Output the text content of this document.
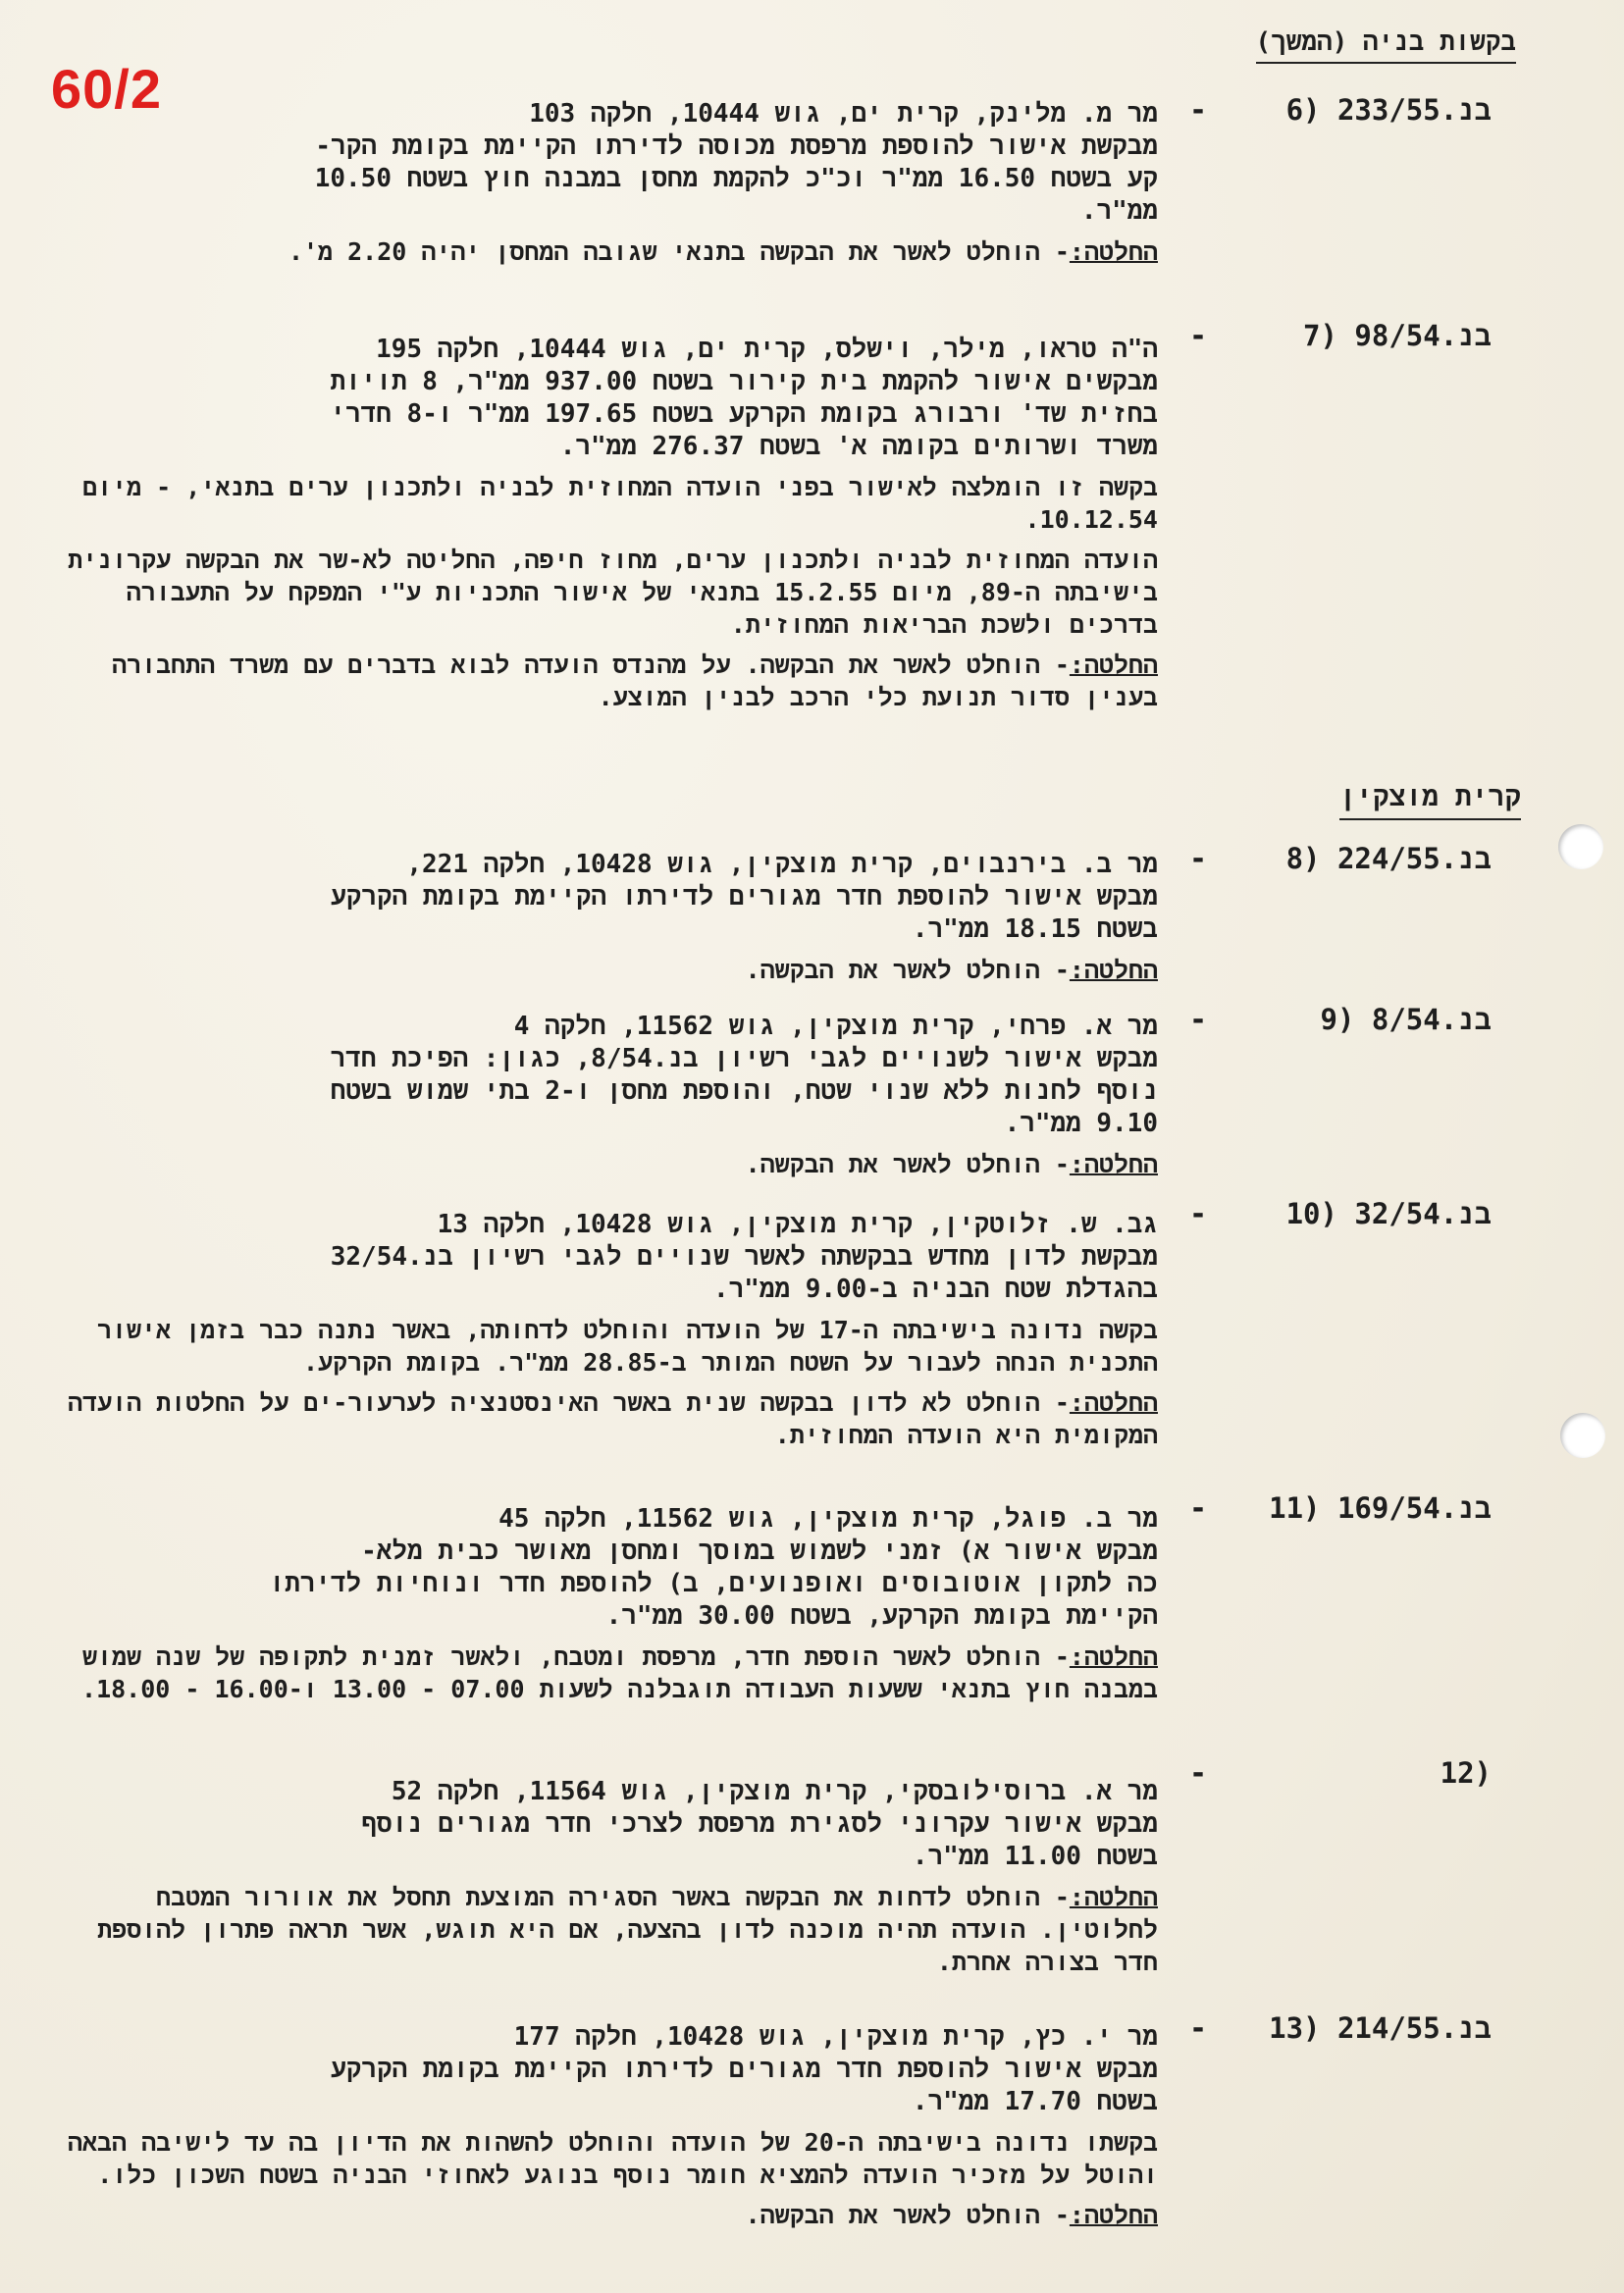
60/2
בקשות בניה (המשך)
6) בנ.233/55
-
מר מ. מלינק, קרית ים, גוש 10444, חלקה 103
מבקשת אישור להוספת מרפסת מכוסה לדירתו הקיימת בקומת הקר-
קע בשטח 16.50 ממ"ר וכ"כ להקמת מחסן במבנה חוץ בשטח 10.50
ממ"ר.
החלטה:- הוחלט לאשר את הבקשה בתנאי שגובה המחסן יהיה 2.20 מ'.
7) בנ.98/54
-
ה"ה טראו, מילר, וישלס, קרית ים, גוש 10444, חלקה 195
מבקשים אישור להקמת בית קירור בשטח 937.00 ממ"ר, 8 תויות
בחזית שד' ורבורג בקומת הקרקע בשטח 197.65 ממ"ר ו-8 חדרי
משרד ושרותים בקומה א' בשטח 276.37 ממ"ר.
בקשה זו הומלצה לאישור בפני הועדה המחוזית לבניה ולתכנון ערים בתנאי, - מיום 10.12.54.
הועדה המחוזית לבניה ולתכנון ערים, מחוז חיפה, החליטה לא-שר את הבקשה עקרונית בישיבתה ה-89, מיום 15.2.55 בתנאי של אישור התכניות ע"י המפקח על התעבורה בדרכים ולשכת הבריאות המחוזית.
החלטה:- הוחלט לאשר את הבקשה. על מהנדס הועדה לבוא בדברים עם משרד התחבורה בענין סדור תנועת כלי הרכב לבנין המוצע.
קרית מוצקין
8) בנ.224/55
-
מר ב. בירנבוים, קרית מוצקין, גוש 10428, חלקה 221,
מבקש אישור להוספת חדר מגורים לדירתו הקיימת בקומת הקרקע
בשטח 18.15 ממ"ר.
החלטה:- הוחלט לאשר את הבקשה.
9) בנ.8/54
-
מר א. פרחי, קרית מוצקין, גוש 11562, חלקה 4
מבקש אישור לשנויים לגבי רשיון בנ.8/54, כגון: הפיכת חדר
נוסף לחנות ללא שנוי שטח, והוספת מחסן ו-2 בתי שמוש בשטח
9.10 ממ"ר.
החלטה:- הוחלט לאשר את הבקשה.
10) בנ.32/54
-
גב. ש. זלוטקין, קרית מוצקין, גוש 10428, חלקה 13
מבקשת לדון מחדש בבקשתה לאשר שנויים לגבי רשיון בנ.32/54
בהגדלת שטח הבניה ב-9.00 ממ"ר.
בקשה נדונה בישיבתה ה-17 של הועדה והוחלט לדחותה, באשר נתנה כבר בזמן אישור התכנית הנחה לעבור על השטח המותר ב-28.85 ממ"ר. בקומת הקרקע.
החלטה:- הוחלט לא לדון בבקשה שנית באשר האינסטנציה לערעור-ים על החלטות הועדה המקומית היא הועדה המחוזית.
11) בנ.169/54
-
מר ב. פוגל, קרית מוצקין, גוש 11562, חלקה 45
מבקש אישור א) זמני לשמוש במוסך ומחסן מאושר כבית מלא-
כה לתקון אוטובוסים ואופנועים, ב) להוספת חדר ונוחיות לדירתו
הקיימת בקומת הקרקע, בשטח 30.00 ממ"ר.
החלטה:- הוחלט לאשר הוספת חדר, מרפסת ומטבח, ולאשר זמנית לתקופה של שנה שמוש במבנה חוץ בתנאי ששעות העבודה תוגבלנה לשעות 07.00 - 13.00 ו-16.00 - 18.00.
12)
-
מר א. ברוסילובסקי, קרית מוצקין, גוש 11564, חלקה 52
מבקש אישור עקרוני לסגירת מרפסת לצרכי חדר מגורים נוסף
בשטח 11.00 ממ"ר.
החלטה:- הוחלט לדחות את הבקשה באשר הסגירה המוצעת תחסל את אוורור המטבח לחלוטין. הועדה תהיה מוכנה לדון בהצעה, אם היא תוגש, אשר תראה פתרון להוספת חדר בצורה אחרת.
13) בנ.214/55
-
מר י. כץ, קרית מוצקין, גוש 10428, חלקה 177
מבקש אישור להוספת חדר מגורים לדירתו הקיימת בקומת הקרקע
בשטח 17.70 ממ"ר.
בקשתו נדונה בישיבתה ה-20 של הועדה והוחלט להשהות את הדיון בה עד לישיבה הבאה והוטל על מזכיר הועדה להמציא חומר נוסף בנוגע לאחוזי הבניה בשטח השכון כלו.
החלטה:- הוחלט לאשר את הבקשה.
